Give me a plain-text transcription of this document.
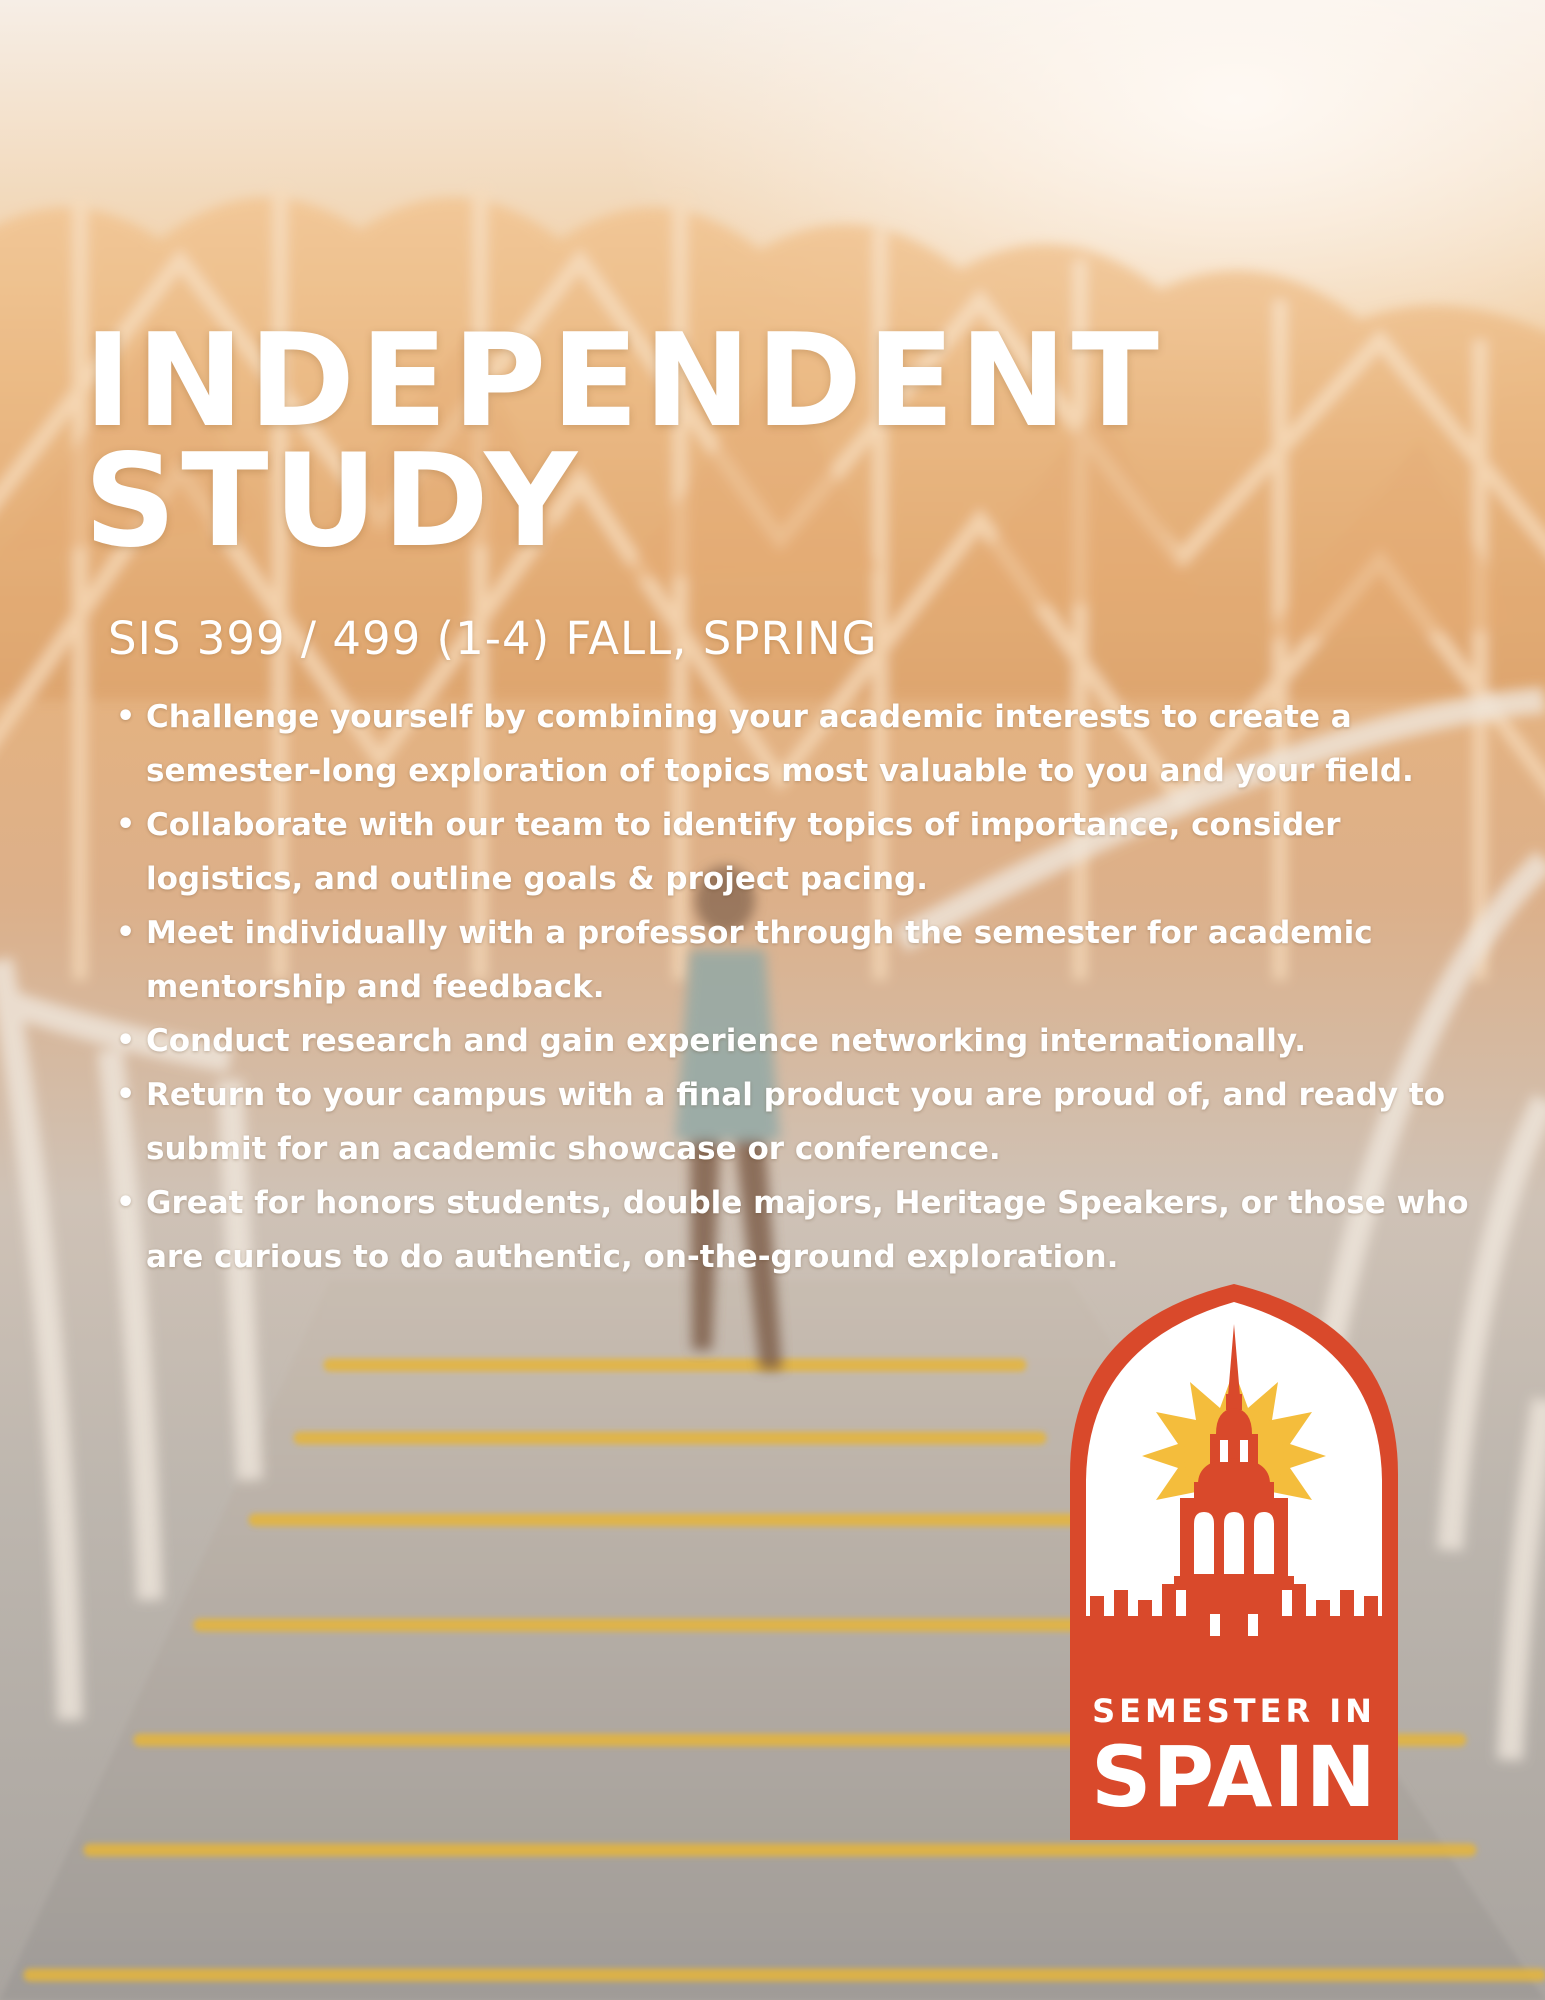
INDEPENDENT
STUDY
SIS 399 / 499 (1-4) FALL, SPRING
• Challenge yourself by combining your academic interests to create a semester-long exploration of topics most valuable to you and your field.
• Collaborate with our team to identify topics of importance, consider logistics, and outline goals & project pacing.
• Meet individually with a professor through the semester for academic mentorship and feedback.
• Conduct research and gain experience networking internationally.
• Return to your campus with a final product you are proud of, and ready to submit for an academic showcase or conference.
• Great for honors students, double majors, Heritage Speakers, or those who are curious to do authentic, on-the-ground exploration.
SEMESTER IN
SPAIN
